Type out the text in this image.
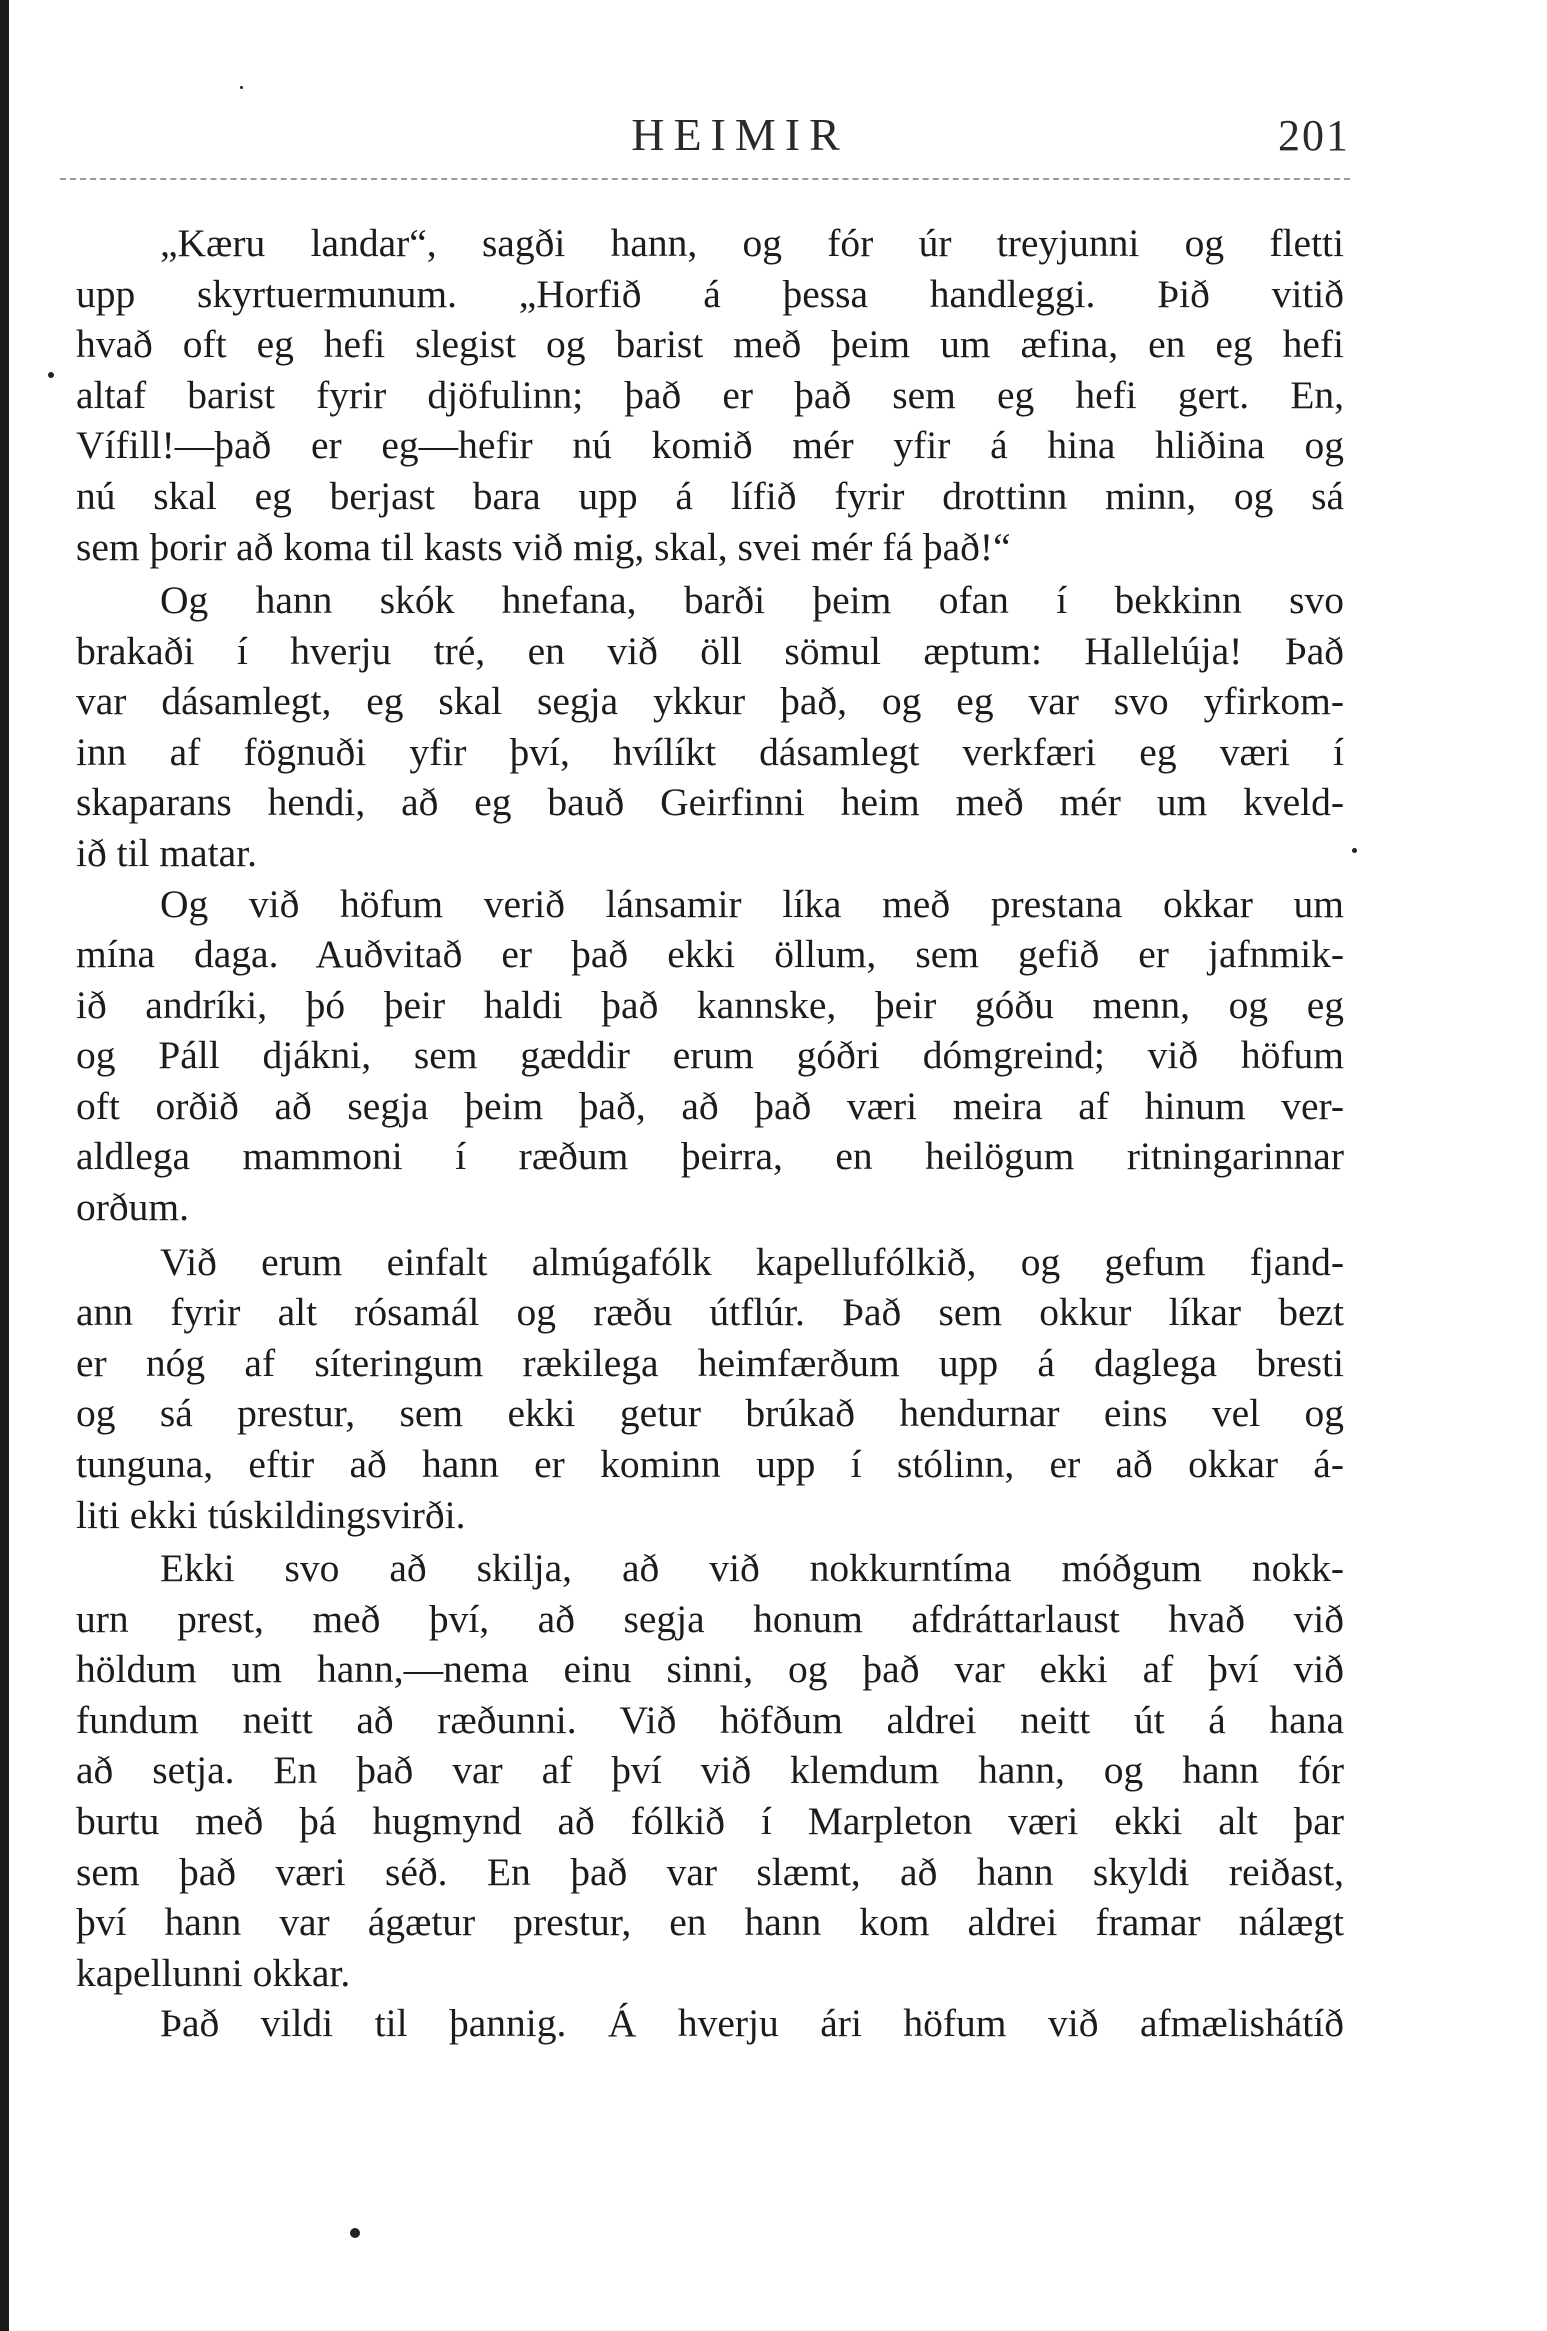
HEIMIR	201
„Kæru landar“, sagði hann, og fór úr treyjunni og fletti
upp skyrtuermunum. „Horfið á þessa handleggi. Þið vitið
hvað oft eg hefi slegist og barist með þeim um æfina, en eg hefi
altaf barist fyrir djöfulinn; það er það sem eg hefi gert. En,
Vífill!—það er eg—hefir nú komið mér yfir á hina hliðina og
nú skal eg berjast bara upp á lífið fyrir drottinn minn, og sá
sem þorir að koma til kasts við mig, skal, svei mér fá það!“
Og hann skók hnefana, barði þeim ofan í bekkinn svo
brakaði í hverju tré, en við öll sömul æptum: Hallelúja! Það
var dásamlegt, eg skal segja ykkur það, og eg var svo yfirkom-
inn af fögnuði yfir því, hvílíkt dásamlegt verkfæri eg væri í
skaparans hendi, að eg bauð Geirfinni heim með mér um kveld-
ið til matar.
Og við höfum verið lánsamir líka með prestana okkar um
mína daga. Auðvitað er það ekki öllum, sem gefið er jafnmik-
ið andríki, þó þeir haldi það kannske, þeir góðu menn, og eg
og Páll djákni, sem gæddir erum góðri dómgreind; við höfum
oft orðið að segja þeim það, að það væri meira af hinum ver-
aldlega mammoni í ræðum þeirra, en heilögum ritningarinnar
orðum.
Við erum einfalt almúgafólk kapellufólkið, og gefum fjand-
ann fyrir alt rósamál og ræðu útflúr. Það sem okkur líkar bezt
er nóg af síteringum rækilega heimfærðum upp á daglega bresti
og sá prestur, sem ekki getur brúkað hendurnar eins vel og
tunguna, eftir að hann er kominn upp í stólinn, er að okkar á-
liti ekki túskildingsvirði.
Ekki svo að skilja, að við nokkurntíma móðgum nokk-
urn prest, með því, að segja honum afdráttarlaust hvað við
höldum um hann,—nema einu sinni, og það var ekki af því við
fundum neitt að ræðunni. Við höfðum aldrei neitt út á hana
að setja. En það var af því við klemdum hann, og hann fór
burtu með þá hugmynd að fólkið í Marpleton væri ekki alt þar
sem það væri séð. En það var slæmt, að hann skyldi reiðast,
því hann var ágætur prestur, en hann kom aldrei framar nálægt
kapellunni okkar.
Það vildi til þannig. Á hverju ári höfum við afmælishátíð
